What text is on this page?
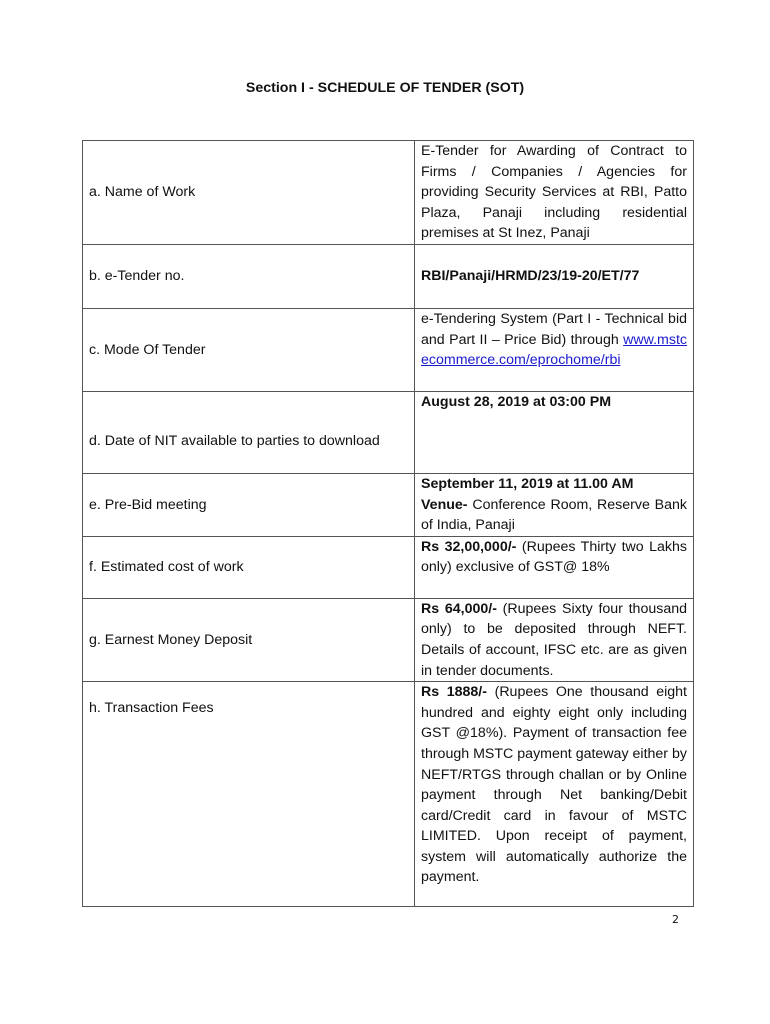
Section I - SCHEDULE OF TENDER (SOT)
a. Name of Work	E-Tender for Awarding of Contract to Firms / Companies / Agencies for providing Security Services at RBI, Patto Plaza, Panaji including residential premises at St Inez, Panaji
b. e-Tender no.	RBI/Panaji/HRMD/23/19-20/ET/77
c. Mode Of Tender	e-Tendering System (Part I - Technical bid and Part II – Price Bid) through www.mstcecommerce.com/eprochome/rbi
d. Date of NIT available to parties to download	August 28, 2019 at 03:00 PM
e. Pre-Bid meeting	September 11, 2019 at 11.00 AM
Venue- Conference Room, Reserve Bank of India, Panaji
f. Estimated cost of work	Rs 32,00,000/- (Rupees Thirty two Lakhs only) exclusive of GST@ 18%
g. Earnest Money Deposit	Rs 64,000/- (Rupees Sixty four thousand only) to be deposited through NEFT. Details of account, IFSC etc. are as given in tender documents.
h. Transaction Fees	Rs 1888/- (Rupees One thousand eight hundred and eighty eight only including GST @18%). Payment of transaction fee through MSTC payment gateway either by NEFT/RTGS through challan or by Online payment through Net banking/Debit card/Credit card in favour of MSTC LIMITED. Upon receipt of payment, system will automatically authorize the payment.
2
